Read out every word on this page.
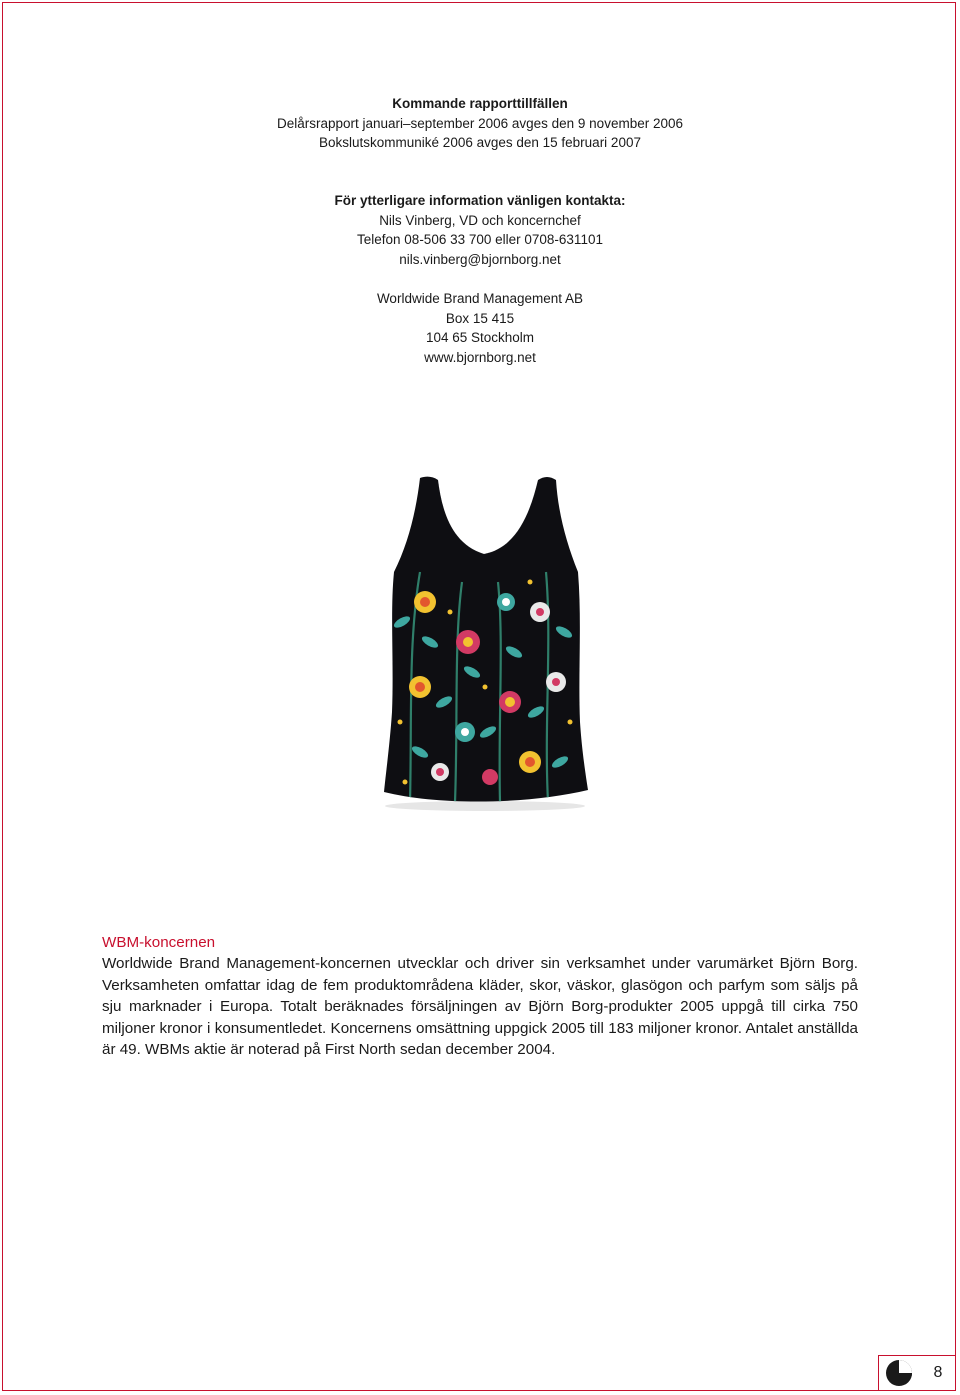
Kommande rapporttillfällen
Delårsrapport januari–september 2006 avges den 9 november 2006
Bokslutskommuniké 2006 avges den 15 februari 2007
För ytterligare information vänligen kontakta:
Nils Vinberg, VD och koncernchef
Telefon 08-506 33 700 eller 0708-631101
nils.vinberg@bjornborg.net
Worldwide Brand Management AB
Box 15 415
104 65 Stockholm
www.bjornborg.net
WBM-koncernen
Worldwide Brand Management-koncernen utvecklar och driver sin verksamhet under varumärket Björn Borg. Verksamheten omfattar idag de fem produktområdena kläder, skor, väskor, glasögon och parfym som säljs på sju marknader i Europa. Totalt beräknades försäljningen av Björn Borg-produkter 2005 uppgå till cirka 750 miljoner kronor i konsumentledet. Koncernens omsättning uppgick 2005 till 183 miljoner kronor. Antalet anställda är 49. WBMs aktie är noterad på First North sedan december 2004.
8
